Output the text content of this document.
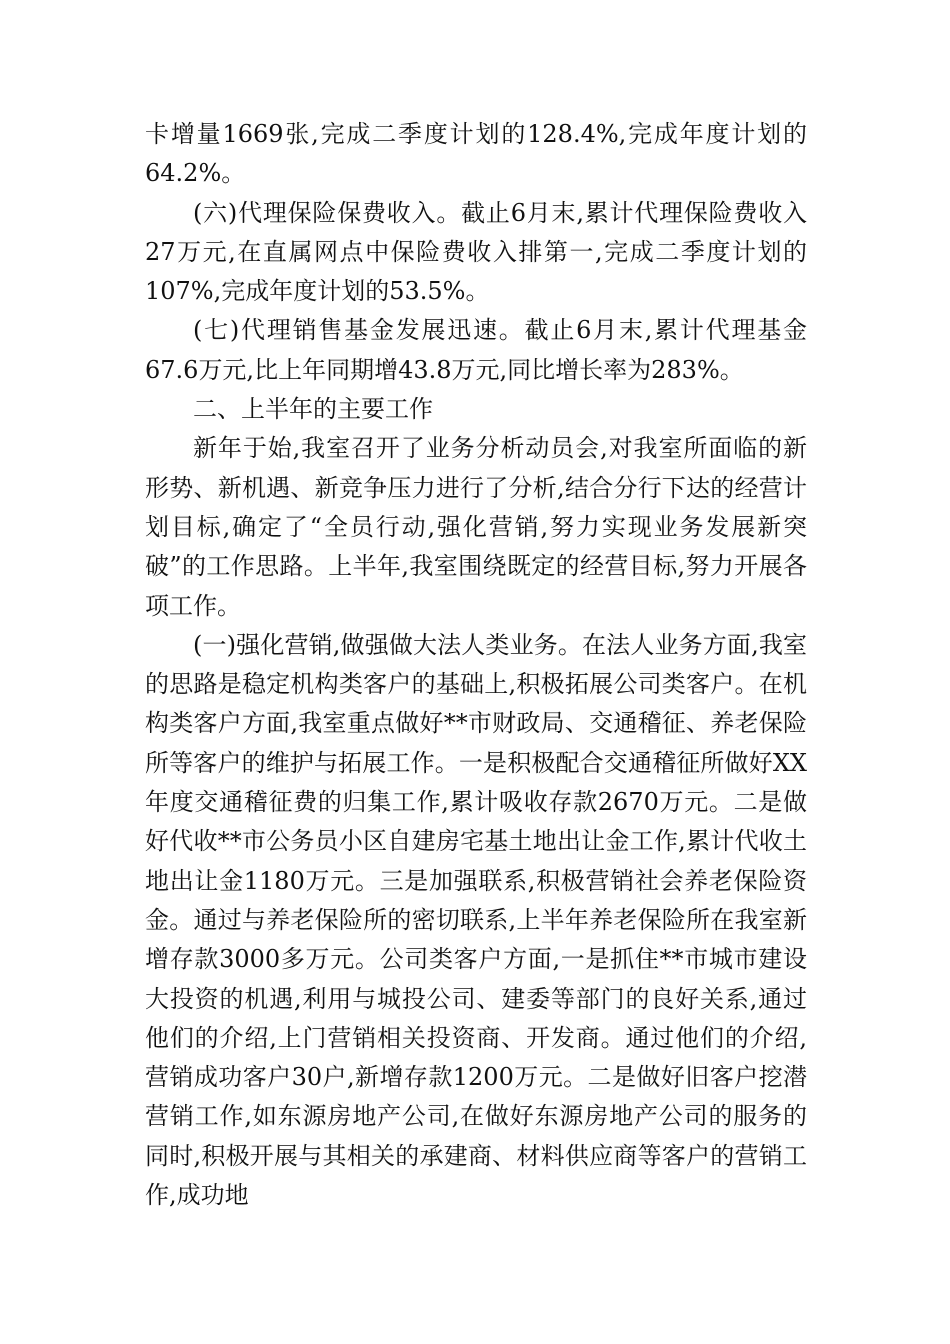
卡增量1669张,完成二季度计划的128.4%,完成年度计划的64.2%。

(六)代理保险保费收入。截止6月末,累计代理保险费收入27万元,在直属网点中保险费收入排第一,完成二季度计划的107%,完成年度计划的53.5%。

(七)代理销售基金发展迅速。截止6月末,累计代理基金67.6万元,比上年同期增43.8万元,同比增长率为283%。

二、上半年的主要工作

新年于始,我室召开了业务分析动员会,对我室所面临的新形势、新机遇、新竞争压力进行了分析,结合分行下达的经营计划目标,确定了“全员行动,强化营销,努力实现业务发展新突破”的工作思路。上半年,我室围绕既定的经营目标,努力开展各项工作。

(一)强化营销,做强做大法人类业务。在法人业务方面,我室的思路是稳定机构类客户的基础上,积极拓展公司类客户。在机构类客户方面,我室重点做好**市财政局、交通稽征、养老保险所等客户的维护与拓展工作。一是积极配合交通稽征所做好XX年度交通稽征费的归集工作,累计吸收存款2670万元。二是做好代收**市公务员小区自建房宅基土地出让金工作,累计代收土地出让金1180万元。三是加强联系,积极营销社会养老保险资金。通过与养老保险所的密切联系,上半年养老保险所在我室新增存款3000多万元。公司类客户方面,一是抓住**市城市建设大投资的机遇,利用与城投公司、建委等部门的良好关系,通过他们的介绍,上门营销相关投资商、开发商。通过他们的介绍,营销成功客户30户,新增存款1200万元。二是做好旧客户挖潜营销工作,如东源房地产公司,在做好东源房地产公司的服务的同时,积极开展与其相关的承建商、材料供应商等客户的营销工作,成功地
